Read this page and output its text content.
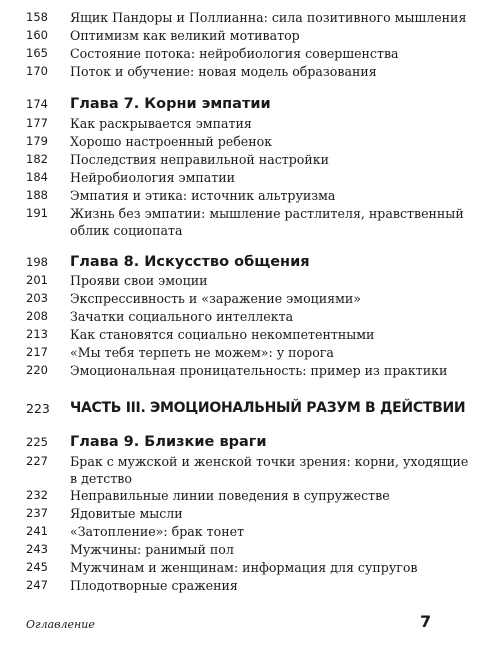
158	Ящик Пандоры и Поллианна: сила позитивного мышления
160	Оптимизм как великий мотиватор
165	Состояние потока: нейробиология совершенства
170	Поток и обучение: новая модель образования
174	Глава 7. Корни эмпатии
177	Как раскрывается эмпатия
179	Хорошо настроенный ребенок
182	Последствия неправильной настройки
184	Нейробиология эмпатии
188	Эмпатия и этика: источник альтруизма
191	Жизнь без эмпатии: мышление растлителя, нравственный
облик социопата
198	Глава 8. Искусство общения
201	Прояви свои эмоции
203	Экспрессивность и «заражение эмоциями»
208	Зачатки социального интеллекта
213	Как становятся социально некомпетентными
217	«Мы тебя терпеть не можем»: у порога
220	Эмоциональная проницательность: пример из практики
223	ЧАСТЬ III. ЭМОЦИОНАЛЬНЫЙ РАЗУМ В ДЕЙСТВИИ
225	Глава 9. Близкие враги
227	Брак с мужской и женской точки зрения: корни, уходящие
в детство
232	Неправильные линии поведения в супружестве
237	Ядовитые мысли
241	«Затопление»: брак тонет
243	Мужчины: ранимый пол
245	Мужчинам и женщинам: информация для супругов
247	Плодотворные сражения
Оглавление	7
